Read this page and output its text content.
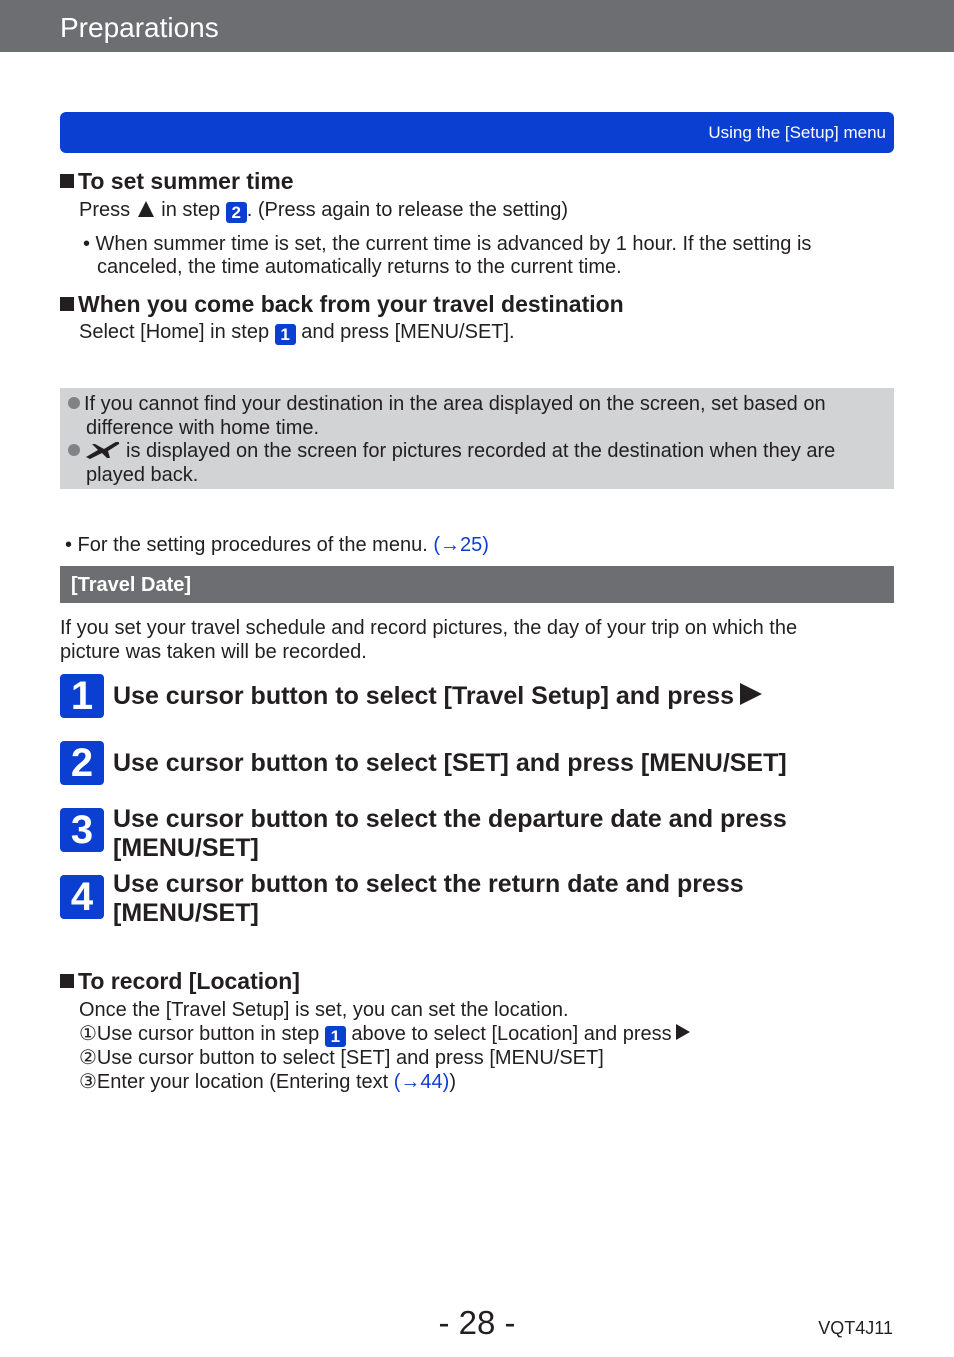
Preparations
Using the [Setup] menu
To set summer time
Press in step 2 . (Press again to release the setting)
• When summer time is set, the current time is advanced by 1 hour. If the setting is
canceled, the time automatically returns to the current time.
When you come back from your travel destination
Select [Home] in step 1 and press [MENU/SET].
If you cannot find your destination in the area displayed on the screen, set based on
difference with home time.
is displayed on the screen for pictures recorded at the destination when they are
played back.
• For the setting procedures of the menu. (→25)
[Travel Date]
If you set your travel schedule and record pictures, the day of your trip on which the
picture was taken will be recorded.
1 Use cursor button to select [Travel Setup] and press
2 Use cursor button to select [SET] and press [MENU/SET]
3 Use cursor button to select the departure date and press
[MENU/SET]
4 Use cursor button to select the return date and press
[MENU/SET]
To record [Location]
Once the [Travel Setup] is set, you can set the location.
①Use cursor button in step 1 above to select [Location] and press
②Use cursor button to select [SET] and press [MENU/SET]
③Enter your location (Entering text (→44))
- 28 -	VQT4J11
